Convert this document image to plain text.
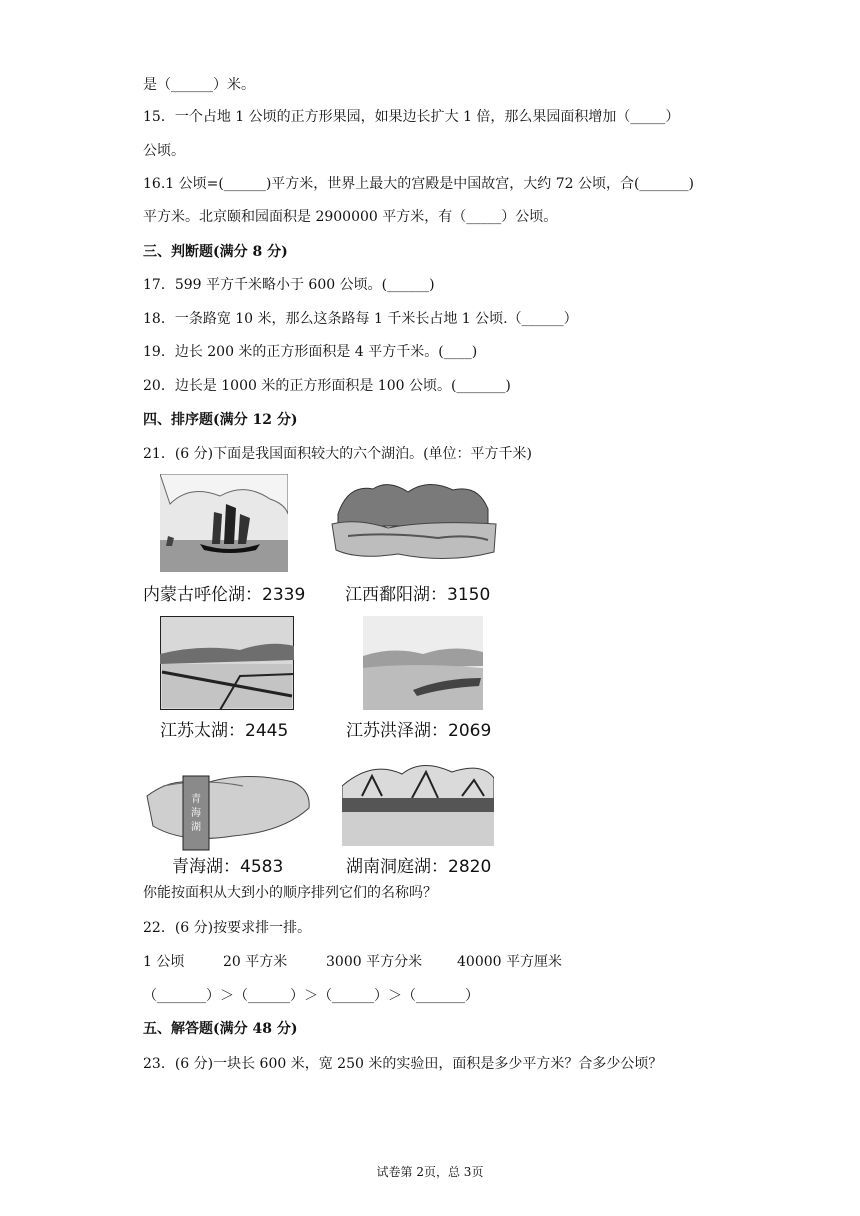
是（______）米。
15．一个占地 1 公顷的正方形果园，如果边长扩大 1 倍，那么果园面积增加（_____）
公顷。
16.1 公顷=(______)平方米，世界上最大的宫殿是中国故宫，大约 72 公顷，合(_______)
平方米。北京颐和园面积是 2900000 平方米，有（_____）公顷。
三、判断题(满分 8 分)
17．599 平方千米略小于 600 公顷。(______)
18．一条路宽 10 米，那么这条路每 1 千米长占地 1 公顷.（______）
19．边长 200 米的正方形面积是 4 平方千米。(____)
20．边长是 1000 米的正方形面积是 100 公顷。(_______)
四、排序题(满分 12 分)
21．(6 分)下面是我国面积较大的六个湖泊。(单位：平方千米)
内蒙古呼伦湖：2339 江西鄱阳湖：3150
江苏太湖：2445	江苏洪泽湖：2069
青
海
湖
青海湖：4583	湖南洞庭湖：2820
你能按面积从大到小的顺序排列它们的名称吗？
22．(6 分)按要求排一排。
1 公顷	20 平方米	3000 平方分米 40000 平方厘米
（_______）＞（______）＞（______）＞（_______）
五、解答题(满分 48 分)
23．(6 分)一块长 600 米，宽 250 米的实验田，面积是多少平方米？合多少公顷？
试卷第 2页，总 3页
